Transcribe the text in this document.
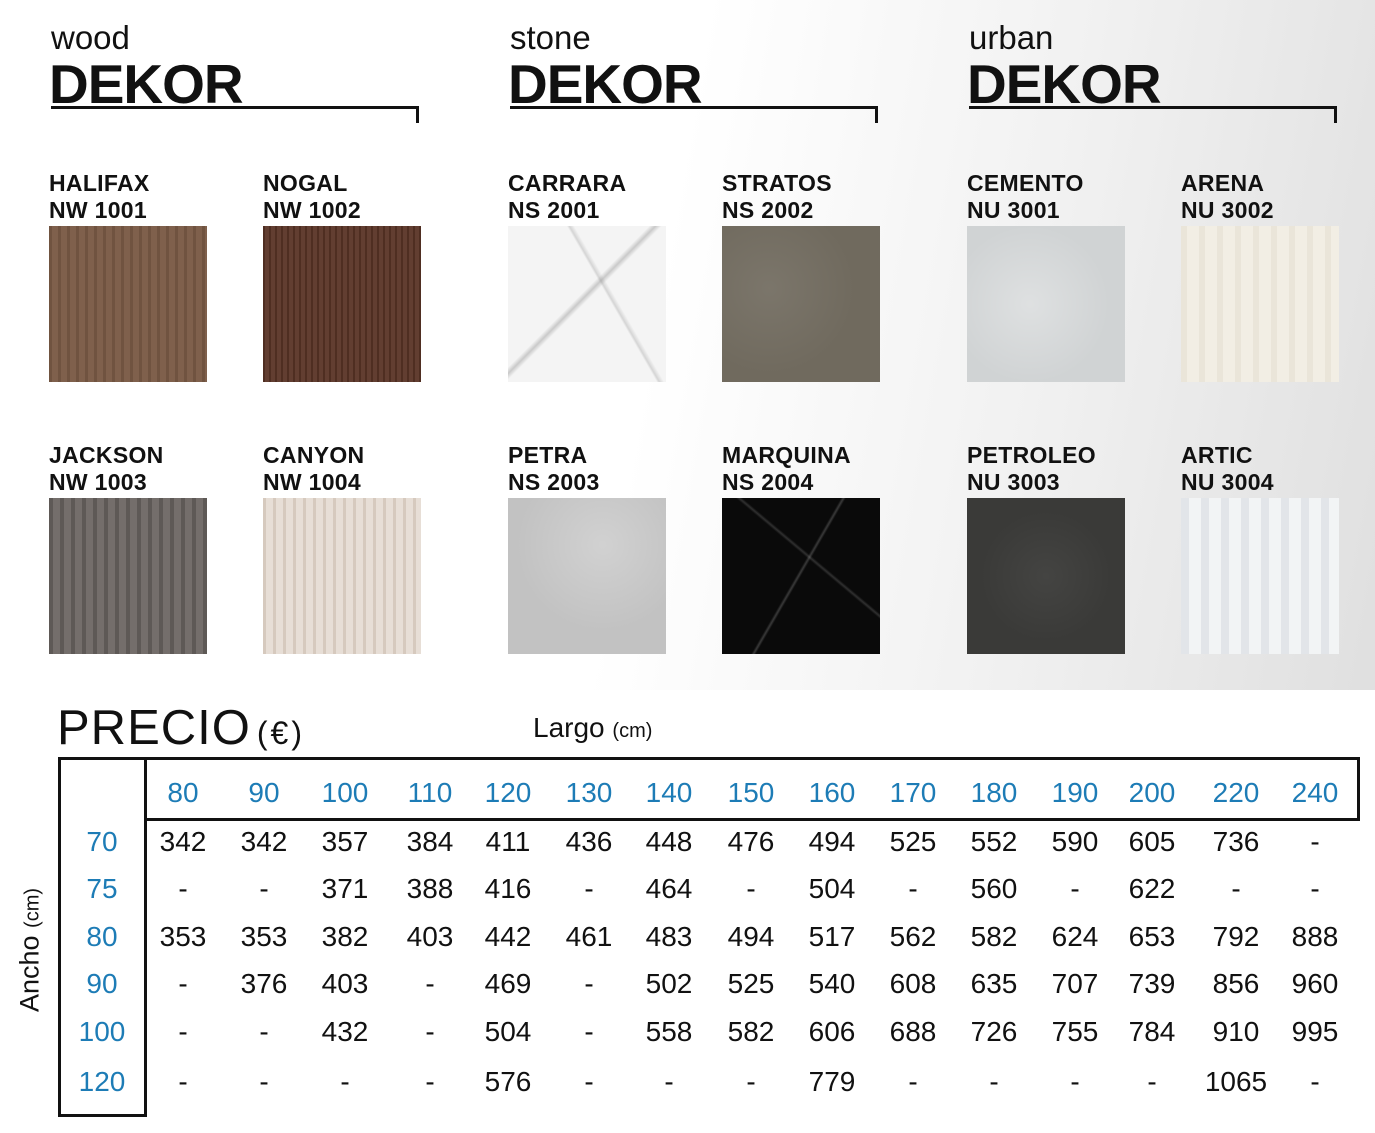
wood
DEKOR
HALIFAX
NW 1001
NOGAL
NW 1002
JACKSON
NW 1003
CANYON
NW 1004
stone
DEKOR
CARRARA
NS 2001
STRATOS
NS 2002
PETRA
NS 2003
MARQUINA
NS 2004
urban
DEKOR
CEMENTO
NU 3001
ARENA
NU 3002
PETROLEO
NU 3003
ARTIC
NU 3004
PRECIO (€)	Largo (cm)
Ancho (cm)
80	90	100	110	120	130	140	150	160	170	180	190	200	220	240
70	342	342	357	384	411	436	448	476	494	525	552	590	605	736	-
75	-	-	371	388	416	-	464	-	504	-	560	-	622	-	-
80	353	353	382	403	442	461	483	494	517	562	582	624	653	792	888
90	-	376	403	-	469	-	502	525	540	608	635	707	739	856	960
100	-	-	432	-	504	-	558	582	606	688	726	755	784	910	995
120	-	-	-	-	576	-	-	-	779	-	-	-	-	1065	-
